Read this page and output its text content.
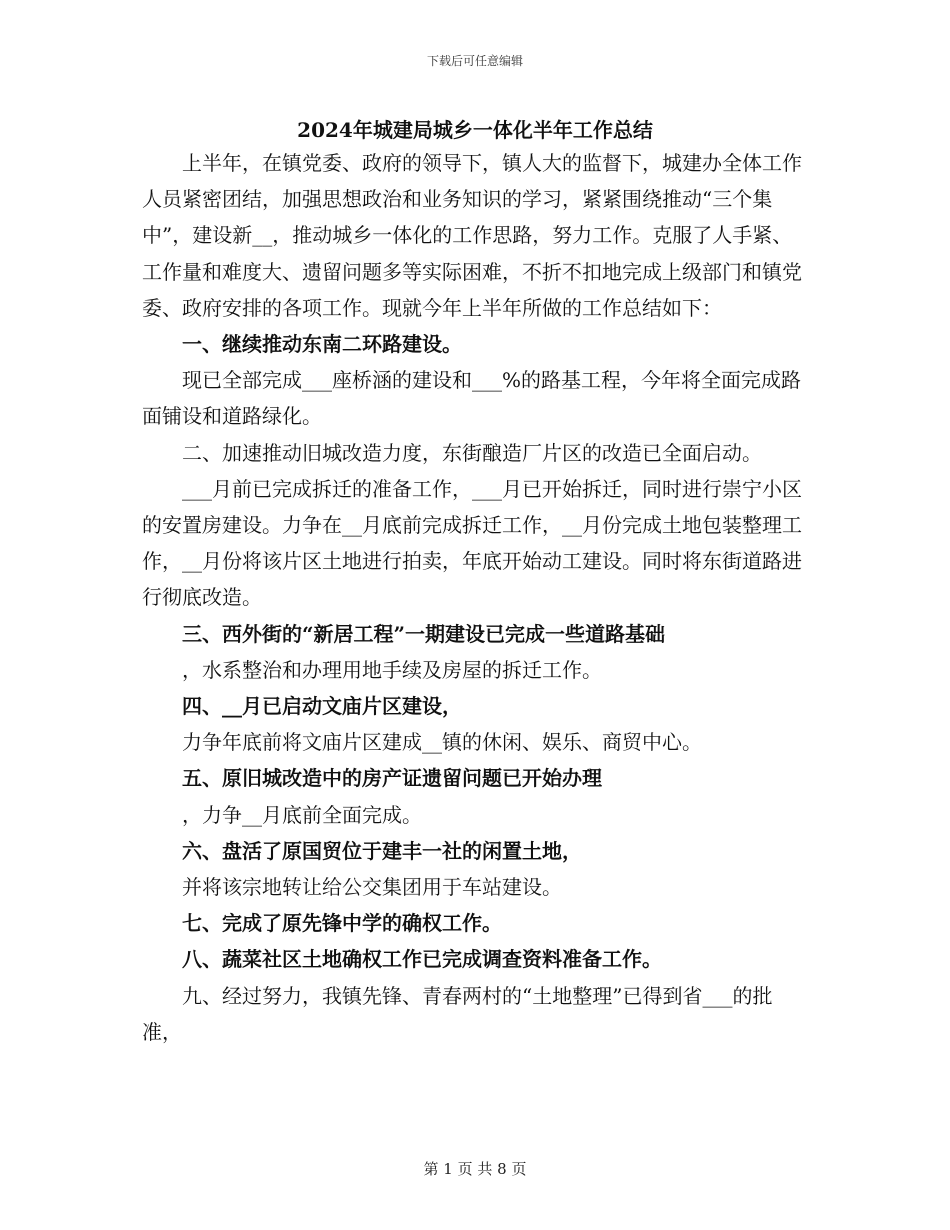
下载后可任意编辑
2024年城建局城乡一体化半年工作总结

上半年，在镇党委、政府的领导下，镇人大的监督下，城建办全体工作人员紧密团结，加强思想政治和业务知识的学习，紧紧围绕推动“三个集中”，建设新__，推动城乡一体化的工作思路，努力工作。克服了人手紧、工作量和难度大、遗留问题多等实际困难，不折不扣地完成上级部门和镇党委、政府安排的各项工作。现就今年上半年所做的工作总结如下：

一、继续推动东南二环路建设。

现已全部完成___座桥涵的建设和___%的路基工程，今年将全面完成路面铺设和道路绿化。

二、加速推动旧城改造力度，东街酿造厂片区的改造已全面启动。

___月前已完成拆迁的准备工作，___月已开始拆迁，同时进行崇宁小区的安置房建设。力争在__月底前完成拆迁工作，__月份完成土地包装整理工作，__月份将该片区土地进行拍卖，年底开始动工建设。同时将东街道路进行彻底改造。

三、西外街的“新居工程”一期建设已完成一些道路基础

，水系整治和办理用地手续及房屋的拆迁工作。

四、__月已启动文庙片区建设，

力争年底前将文庙片区建成__镇的休闲、娱乐、商贸中心。

五、原旧城改造中的房产证遗留问题已开始办理

，力争__月底前全面完成。

六、盘活了原国贸位于建丰一社的闲置土地，

并将该宗地转让给公交集团用于车站建设。

七、完成了原先锋中学的确权工作。

八、蔬菜社区土地确权工作已完成调查资料准备工作。

九、经过努力，我镇先锋、青春两村的“土地整理”已得到省___的批准，

第 1 页 共 8 页
